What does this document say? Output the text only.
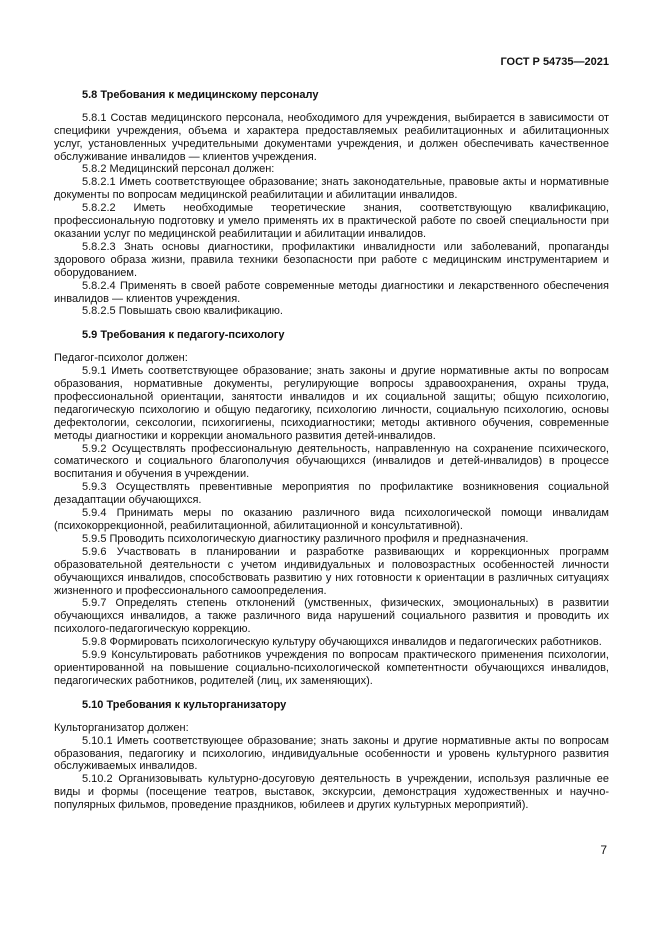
ГОСТ Р 54735—2021
5.8 Требования к медицинскому персоналу

5.8.1 Состав медицинского персонала, необходимого для учреждения, выбирается в зависимости от специфики учреждения, объема и характера предоставляемых реабилитационных и абилитационных услуг, установленных учредительными документами учреждения, и должен обеспечивать качественное обслуживание инвалидов — клиентов учреждения.

5.8.2 Медицинский персонал должен:

5.8.2.1 Иметь соответствующее образование; знать законодательные, правовые акты и нормативные документы по вопросам медицинской реабилитации и абилитации инвалидов.

5.8.2.2 Иметь необходимые теоретические знания, соответствующую квалификацию, профессиональную подготовку и умело применять их в практической работе по своей специальности при оказании услуг по медицинской реабилитации и абилитации инвалидов.

5.8.2.3 Знать основы диагностики, профилактики инвалидности или заболеваний, пропаганды здорового образа жизни, правила техники безопасности при работе с медицинским инструментарием и оборудованием.

5.8.2.4 Применять в своей работе современные методы диагностики и лекарственного обеспечения инвалидов — клиентов учреждения.

5.8.2.5 Повышать свою квалификацию.

5.9 Требования к педагогу-психологу

Педагог-психолог должен:

5.9.1 Иметь соответствующее образование; знать законы и другие нормативные акты по вопросам образования, нормативные документы, регулирующие вопросы здравоохранения, охраны труда, профессиональной ориентации, занятости инвалидов и их социальной защиты; общую психологию, педагогическую психологию и общую педагогику, психологию личности, социальную психологию, основы дефектологии, сексологии, психогигиены, психодиагностики; методы активного обучения, современные методы диагностики и коррекции аномального развития детей-инвалидов.

5.9.2 Осуществлять профессиональную деятельность, направленную на сохранение психического, соматического и социального благополучия обучающихся (инвалидов и детей-инвалидов) в процессе воспитания и обучения в учреждении.

5.9.3 Осуществлять превентивные мероприятия по профилактике возникновения социальной дезадаптации обучающихся.

5.9.4 Принимать меры по оказанию различного вида психологической помощи инвалидам (психокоррекционной, реабилитационной, абилитационной и консультативной).

5.9.5 Проводить психологическую диагностику различного профиля и предназначения.

5.9.6 Участвовать в планировании и разработке развивающих и коррекционных программ образовательной деятельности с учетом индивидуальных и половозрастных особенностей личности обучающихся инвалидов, способствовать развитию у них готовности к ориентации в различных ситуациях жизненного и профессионального самоопределения.

5.9.7 Определять степень отклонений (умственных, физических, эмоциональных) в развитии обучающихся инвалидов, а также различного вида нарушений социального развития и проводить их психолого-педагогическую коррекцию.

5.9.8 Формировать психологическую культуру обучающихся инвалидов и педагогических работников.

5.9.9 Консультировать работников учреждения по вопросам практического применения психологии, ориентированной на повышение социально-психологической компетентности обучающихся инвалидов, педагогических работников, родителей (лиц, их заменяющих).

5.10 Требования к культорганизатору

Культорганизатор должен:

5.10.1 Иметь соответствующее образование; знать законы и другие нормативные акты по вопросам образования, педагогику и психологию, индивидуальные особенности и уровень культурного развития обслуживаемых инвалидов.

5.10.2 Организовывать культурно-досуговую деятельность в учреждении, используя различные ее виды и формы (посещение театров, выставок, экскурсии, демонстрация художественных и научно-популярных фильмов, проведение праздников, юбилеев и других культурных мероприятий).

7
